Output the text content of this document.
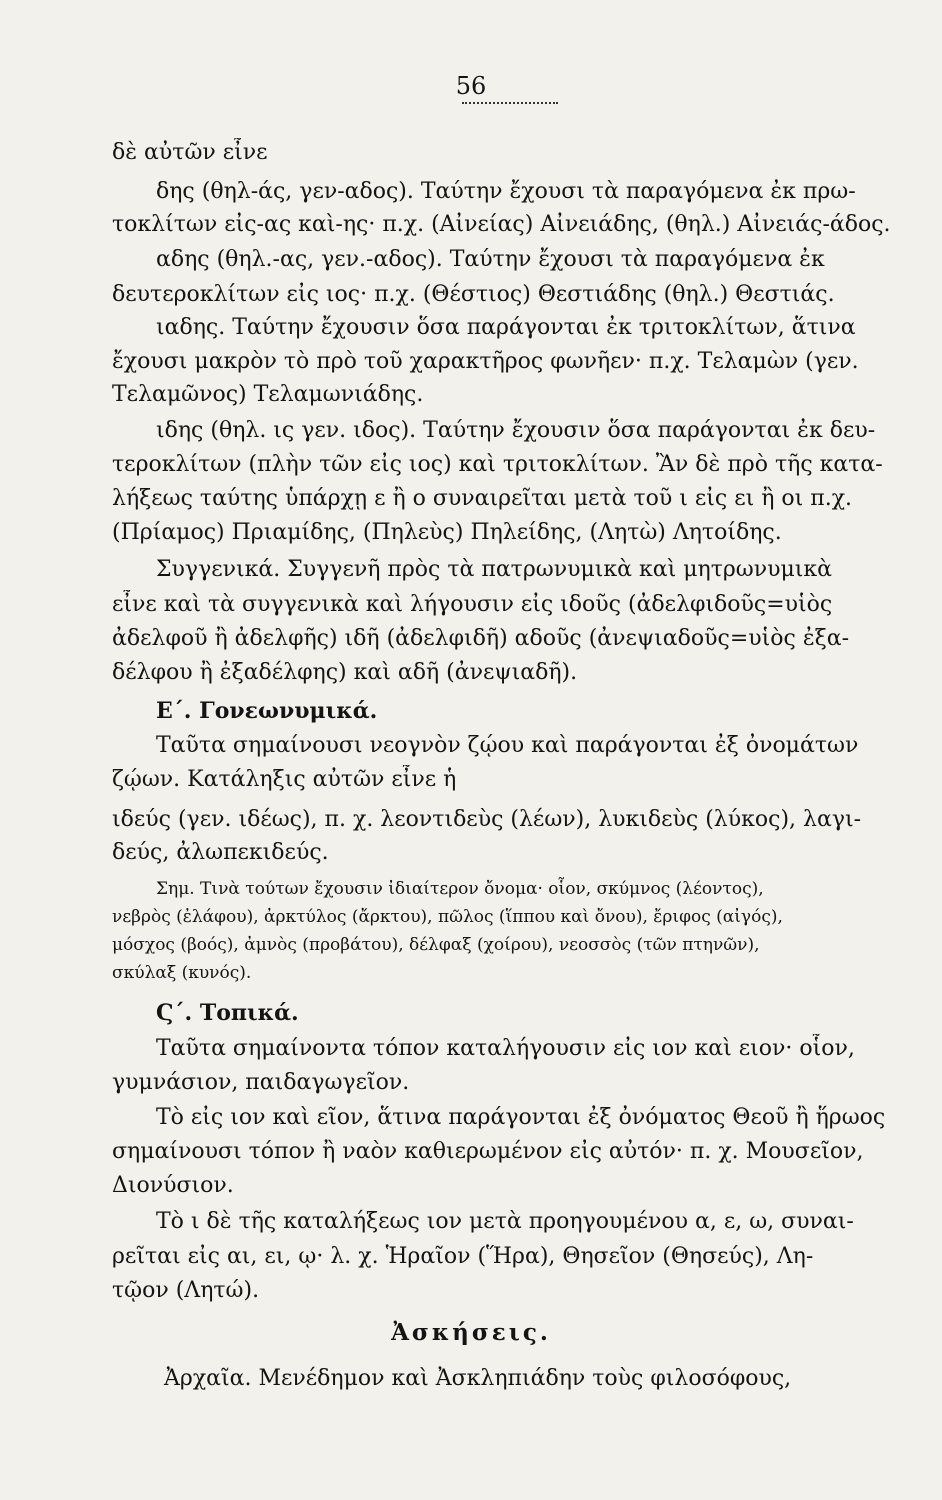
56
δὲ αὐτῶν εἶνε
δης (θηλ-άς, γεν-αδος). Ταύτην ἔχουσι τὰ παραγόμενα ἐκ πρω-
τοκλίτων εἰς-ας καὶ-ης· π.χ. (Αἰνείας) Αἰνειάδης, (θηλ.) Αἰνειάς-άδος.
αδης (θηλ.-ας, γεν.-αδος). Ταύτην ἔχουσι τὰ παραγόμενα ἐκ
δευτεροκλίτων εἰς ιος· π.χ. (Θέστιος) Θεστιάδης (θηλ.) Θεστιάς.
ιαδης. Ταύτην ἔχουσιν ὅσα παράγονται ἐκ τριτοκλίτων, ἅτινα
ἔχουσι μακρὸν τὸ πρὸ τοῦ χαρακτῆρος φωνῆεν· π.χ. Τελαμὼν (γεν.
Τελαμῶνος) Τελαμωνιάδης.
ιδης (θηλ. ις γεν. ιδος). Ταύτην ἔχουσιν ὅσα παράγονται ἐκ δευ-
τεροκλίτων (πλὴν τῶν εἰς ιος) καὶ τριτοκλίτων. Ἂν δὲ πρὸ τῆς κατα-
λήξεως ταύτης ὑπάρχῃ ε ἢ ο συναιρεῖται μετὰ τοῦ ι εἰς ει ἢ οι π.χ.
(Πρίαμος) Πριαμίδης, (Πηλεὺς) Πηλείδης, (Λητὼ) Λητοίδης.
Συγγενικά. Συγγενῆ πρὸς τὰ πατρωνυμικὰ καὶ μητρωνυμικὰ
εἶνε καὶ τὰ συγγενικὰ καὶ λήγουσιν εἰς ιδοῦς (ἀδελφιδοῦς=υἱὸς
ἀδελφοῦ ἢ ἀδελφῆς) ιδῆ (ἀδελφιδῆ) αδοῦς (ἀνεψιαδοῦς=υἱὸς ἐξα-
δέλφου ἢ ἐξαδέλφης) καὶ αδῆ (ἀνεψιαδῆ).
Ε΄. Γονεωνυμικά.
Ταῦτα σημαίνουσι νεογνὸν ζῴου καὶ παράγονται ἐξ ὀνομάτων
ζῴων. Κατάληξις αὐτῶν εἶνε ἡ
ιδεύς (γεν. ιδέως), π. χ. λεοντιδεὺς (λέων), λυκιδεὺς (λύκος), λαγι-
δεύς, ἀλωπεκιδεύς.
Σημ. Τινὰ τούτων ἔχουσιν ἰδιαίτερον ὄνομα· οἷον, σκύμνος (λέοντος),
νεβρὸς (ἐλάφου), ἀρκτύλος (ἄρκτου), πῶλος (ἵππου καὶ ὄνου), ἔριφος (αἰγός),
μόσχος (βοός), ἀμνὸς (προβάτου), δέλφαξ (χοίρου), νεοσσὸς (τῶν πτηνῶν),
σκύλαξ (κυνός).
Ϛ΄. Τοπικά.
Ταῦτα σημαίνοντα τόπον καταλήγουσιν εἰς ιον καὶ ειον· οἷον,
γυμνάσιον, παιδαγωγεῖον.
Τὸ εἰς ιον καὶ εῖον, ἅτινα παράγονται ἐξ ὀνόματος Θεοῦ ἢ ἥρωος
σημαίνουσι τόπον ἢ ναὸν καθιερωμένον εἰς αὐτόν· π. χ. Μουσεῖον,
Διονύσιον.
Τὸ ι δὲ τῆς καταλήξεως ιον μετὰ προηγουμένου α, ε, ω, συναι-
ρεῖται εἰς αι, ει, ῳ· λ. χ. Ἡραῖον (Ἥρα), Θησεῖον (Θησεύς), Λη-
τῷον (Λητώ).
Ἀσκήσεις.
Ἀρχαῖα. Μενέδημον καὶ Ἀσκληπιάδην τοὺς φιλοσόφους,
